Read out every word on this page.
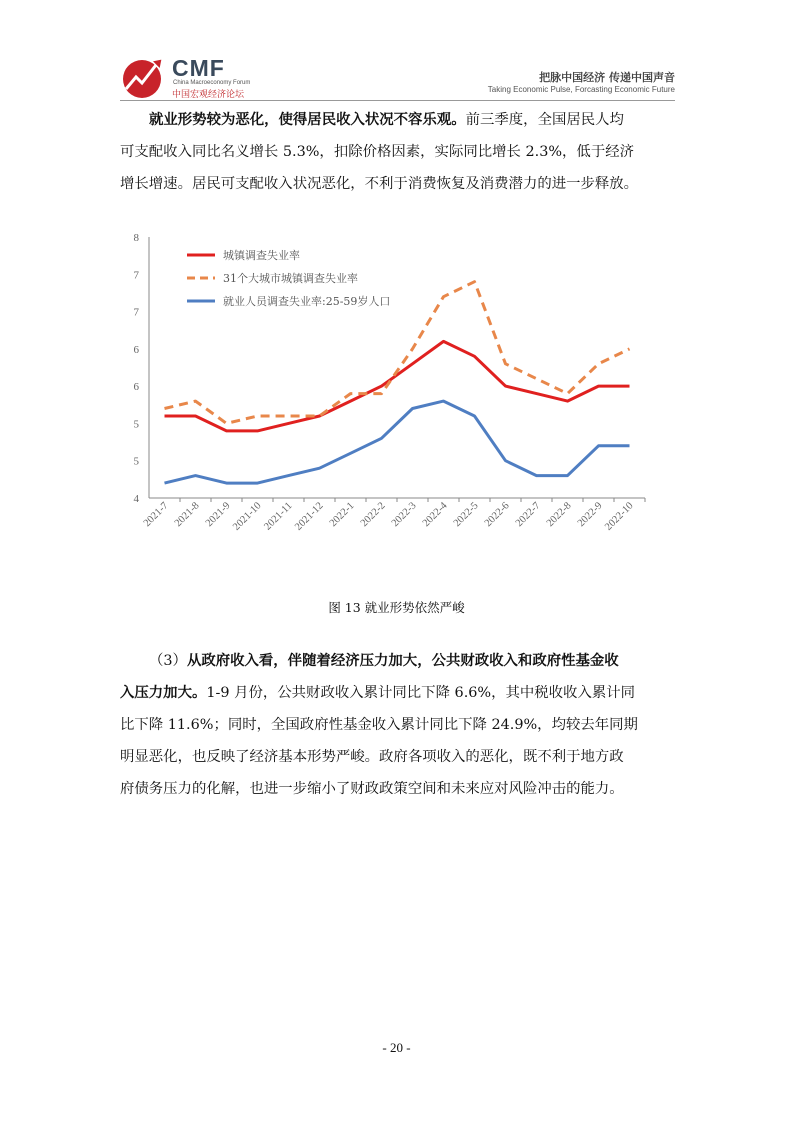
CMF
China Macroeconomy Forum
中国宏观经济论坛
把脉中国经济 传递中国声音
Taking Economic Pulse, Forcasting Economic Future
就业形势较为恶化，使得居民收入状况不容乐观。前三季度，全国居民人均
可支配收入同比名义增长 5.3%，扣除价格因素，实际同比增长 2.3%，低于经济
增长增速。居民可支配收入状况恶化，不利于消费恢复及消费潜力的进一步释放。
4
5
5
6
6
7
7
8
2021-7 2021-8 2021-9
2021-10
2021-11
2021-12 2022-1 2022-2 2022-3 2022-4 2022-5 2022-6 2022-7 2022-8 2022-9
2022-10
城镇调查失业率
31个大城市城镇调查失业率
就业人员调查失业率:25-59岁人口
图 13 就业形势依然严峻
（3）从政府收入看，伴随着经济压力加大，公共财政收入和政府性基金收
入压力加大。1-9 月份，公共财政收入累计同比下降 6.6%，其中税收收入累计同
比下降 11.6%；同时，全国政府性基金收入累计同比下降 24.9%，均较去年同期
明显恶化，也反映了经济基本形势严峻。政府各项收入的恶化，既不利于地方政
府债务压力的化解，也进一步缩小了财政政策空间和未来应对风险冲击的能力。
- 20 -
